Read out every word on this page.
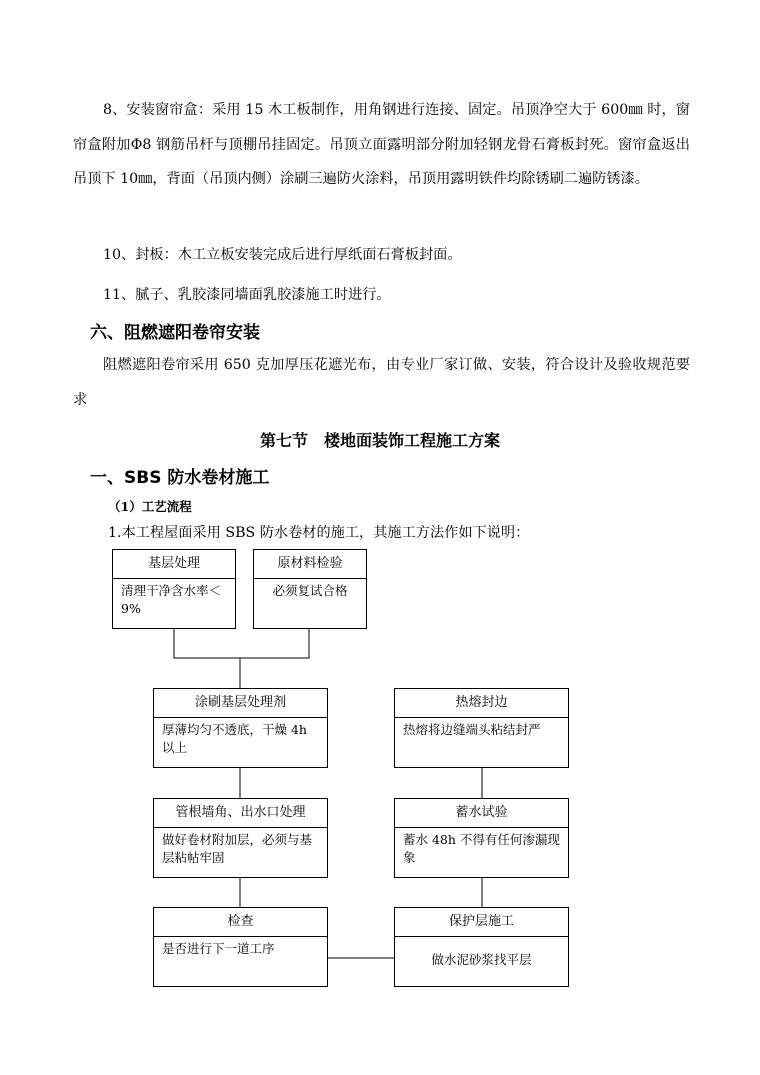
8、安装窗帘盒：采用 15 木工板制作，用角钢进行连接、固定。吊顶净空大于 600㎜ 时，窗帘盒附加Φ8 钢筋吊杆与顶棚吊挂固定。吊顶立面露明部分附加轻钢龙骨石膏板封死。窗帘盒返出吊顶下 10㎜，背面（吊顶内侧）涂刷三遍防火涂料，吊顶用露明铁件均除锈刷二遍防锈漆。

10、封板：木工立板安装完成后进行厚纸面石膏板封面。
11、腻子、乳胶漆同墙面乳胶漆施工时进行。
六、阻燃遮阳卷帘安装

阻燃遮阳卷帘采用 650 克加厚压花遮光布，由专业厂家订做、安装，符合设计及验收规范要求

第七节　楼地面装饰工程施工方案
一、SBS 防水卷材施工
（1）工艺流程
1.本工程屋面采用 SBS 防水卷材的施工，其施工方法作如下说明：
基层处理
清理干净含水率＜9%
原材料检验
必须复试合格
涂刷基层处理剂
厚薄均匀不透底，干燥 4h 以上
管根墙角、出水口处理
做好卷材附加层，必须与基层粘帖牢固
检查
是否进行下一道工序
热熔封边
热熔将边缝端头粘结封严
蓄水试验
蓄水 48h 不得有任何渗漏现象
保护层施工
做水泥砂浆找平层
